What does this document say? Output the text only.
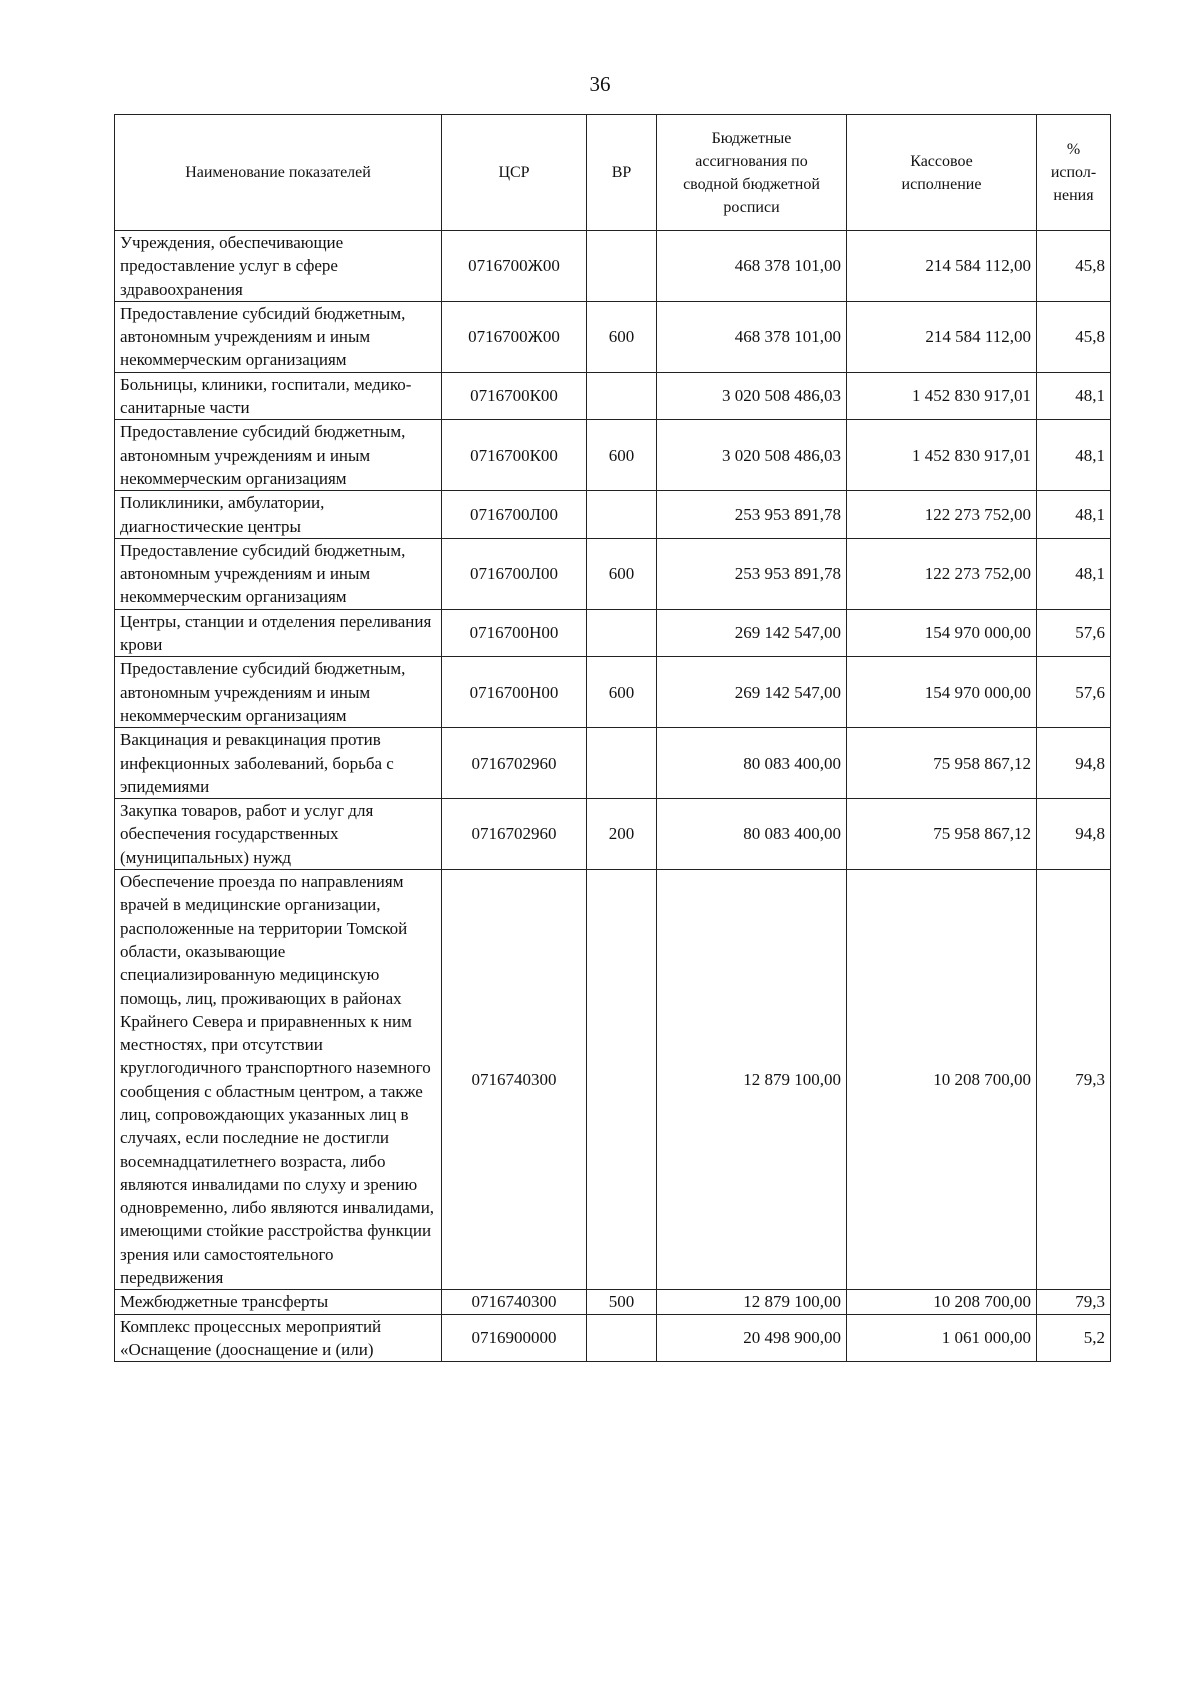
36
Наименование показателей	ЦСР	ВР	Бюджетные ассигнования по сводной бюджетной росписи	Кассовое исполнение	% испол-нения
Учреждения, обеспечивающие предоставление услуг в сфере здравоохранения	0716700Ж00		468 378 101,00	214 584 112,00	45,8
Предоставление субсидий бюджетным, автономным учреждениям и иным некоммерческим организациям	0716700Ж00	600	468 378 101,00	214 584 112,00	45,8
Больницы, клиники, госпитали, медико-санитарные части	0716700К00		3 020 508 486,03	1 452 830 917,01	48,1
Предоставление субсидий бюджетным, автономным учреждениям и иным некоммерческим организациям	0716700К00	600	3 020 508 486,03	1 452 830 917,01	48,1
Поликлиники, амбулатории, диагностические центры	0716700Л00		253 953 891,78	122 273 752,00	48,1
Предоставление субсидий бюджетным, автономным учреждениям и иным некоммерческим организациям	0716700Л00	600	253 953 891,78	122 273 752,00	48,1
Центры, станции и отделения переливания крови	0716700Н00		269 142 547,00	154 970 000,00	57,6
Предоставление субсидий бюджетным, автономным учреждениям и иным некоммерческим организациям	0716700Н00	600	269 142 547,00	154 970 000,00	57,6
Вакцинация и ревакцинация против инфекционных заболеваний, борьба с эпидемиями	0716702960		80 083 400,00	75 958 867,12	94,8
Закупка товаров, работ и услуг для обеспечения государственных (муниципальных) нужд	0716702960	200	80 083 400,00	75 958 867,12	94,8
Обеспечение проезда по направлениям врачей в медицинские организации, расположенные на территории Томской области, оказывающие специализированную медицинскую помощь, лиц, проживающих в районах Крайнего Севера и приравненных к ним местностях, при отсутствии круглогодичного транспортного наземного сообщения с областным центром, а также лиц, сопровождающих указанных лиц в случаях, если последние не достигли восемнадцатилетнего возраста, либо являются инвалидами по слуху и зрению одновременно, либо являются инвалидами, имеющими стойкие расстройства функции зрения или самостоятельного передвижения	0716740300		12 879 100,00	10 208 700,00	79,3
Межбюджетные трансферты	0716740300	500	12 879 100,00	10 208 700,00	79,3
Комплекс процессных мероприятий «Оснащение (дооснащение и (или)	0716900000		20 498 900,00	1 061 000,00	5,2
